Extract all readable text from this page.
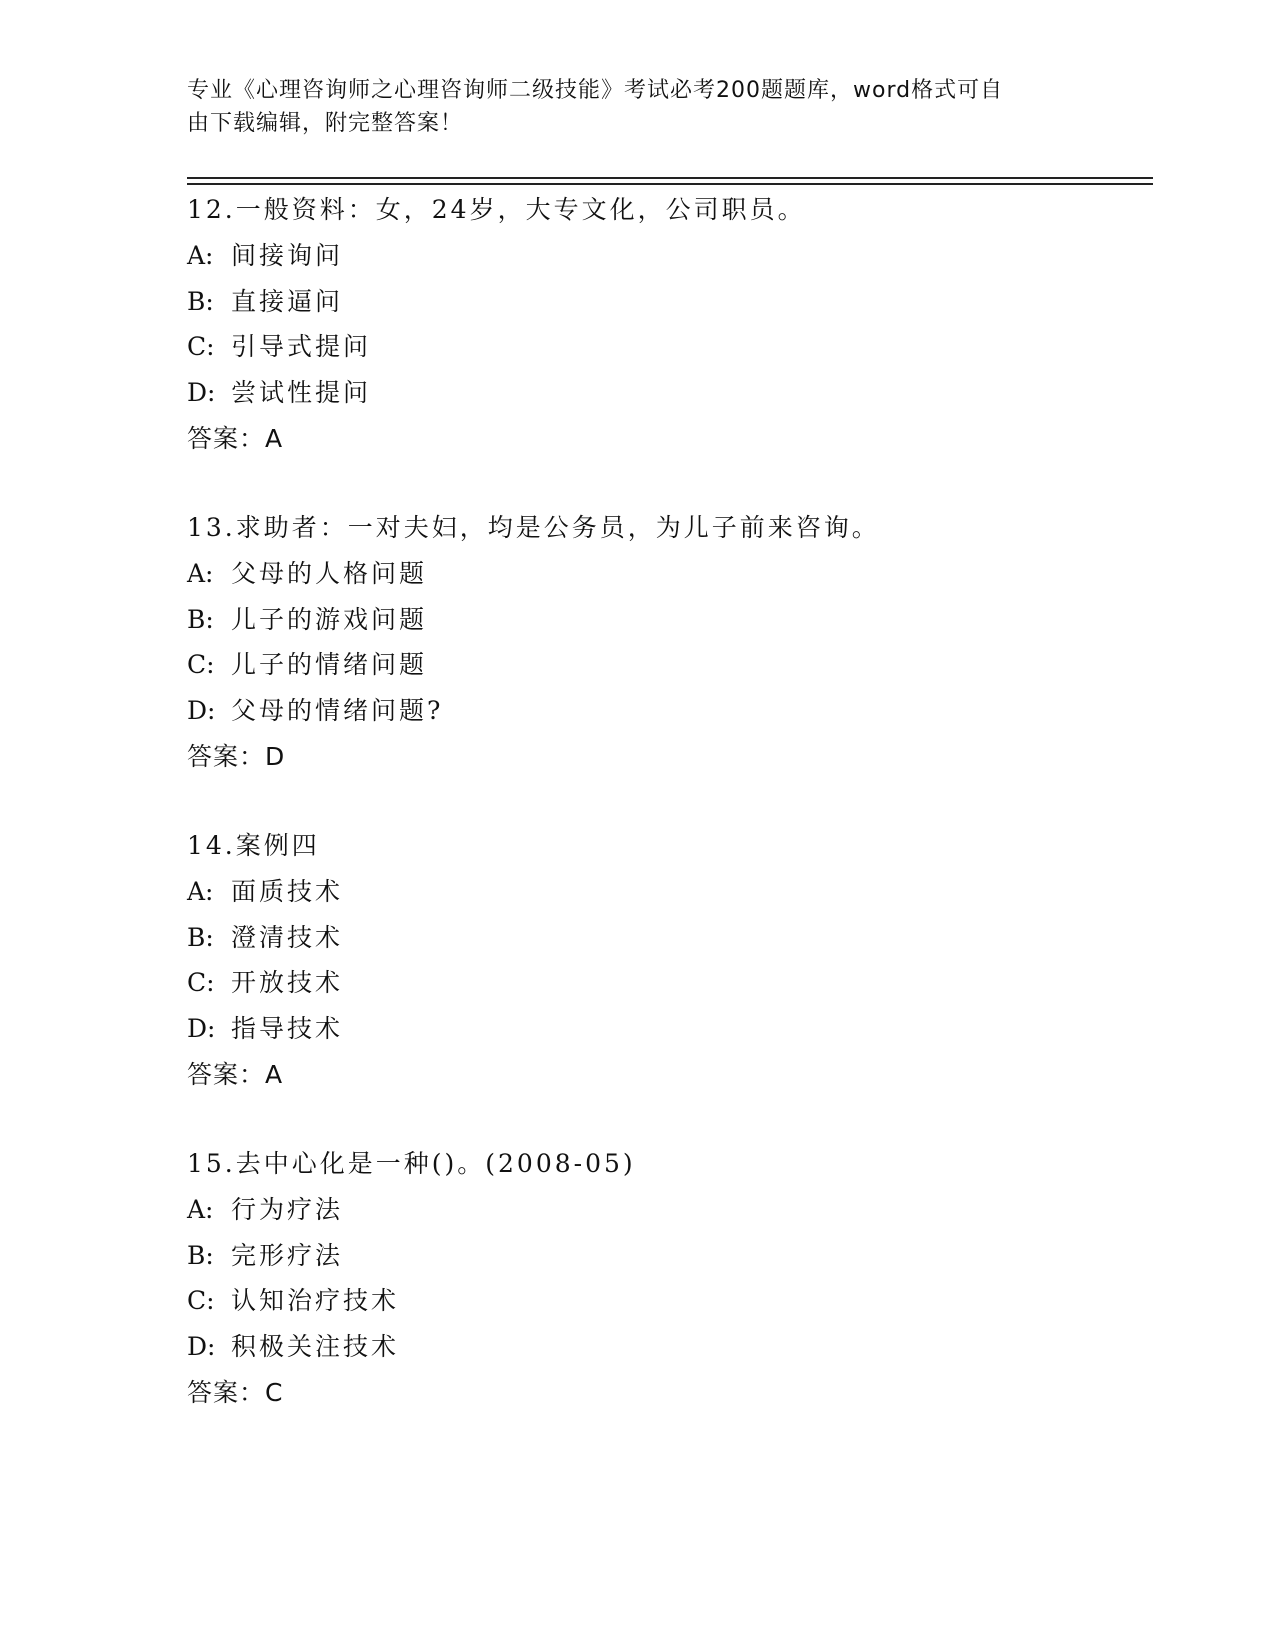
专业《心理咨询师之心理咨询师二级技能》考试必考200题题库，word格式可自
由下载编辑，附完整答案！
12.一般资料：女，24岁，大专文化，公司职员。
A: 间接询问
B: 直接逼问
C: 引导式提问
D: 尝试性提问
答案：A
13.求助者：一对夫妇，均是公务员，为儿子前来咨询。
A: 父母的人格问题
B: 儿子的游戏问题
C: 儿子的情绪问题
D: 父母的情绪问题?
答案：D
14.案例四
A: 面质技术
B: 澄清技术
C: 开放技术
D: 指导技术
答案：A
15.去中心化是一种()。(2008-05)
A: 行为疗法
B: 完形疗法
C: 认知治疗技术
D: 积极关注技术
答案：C
